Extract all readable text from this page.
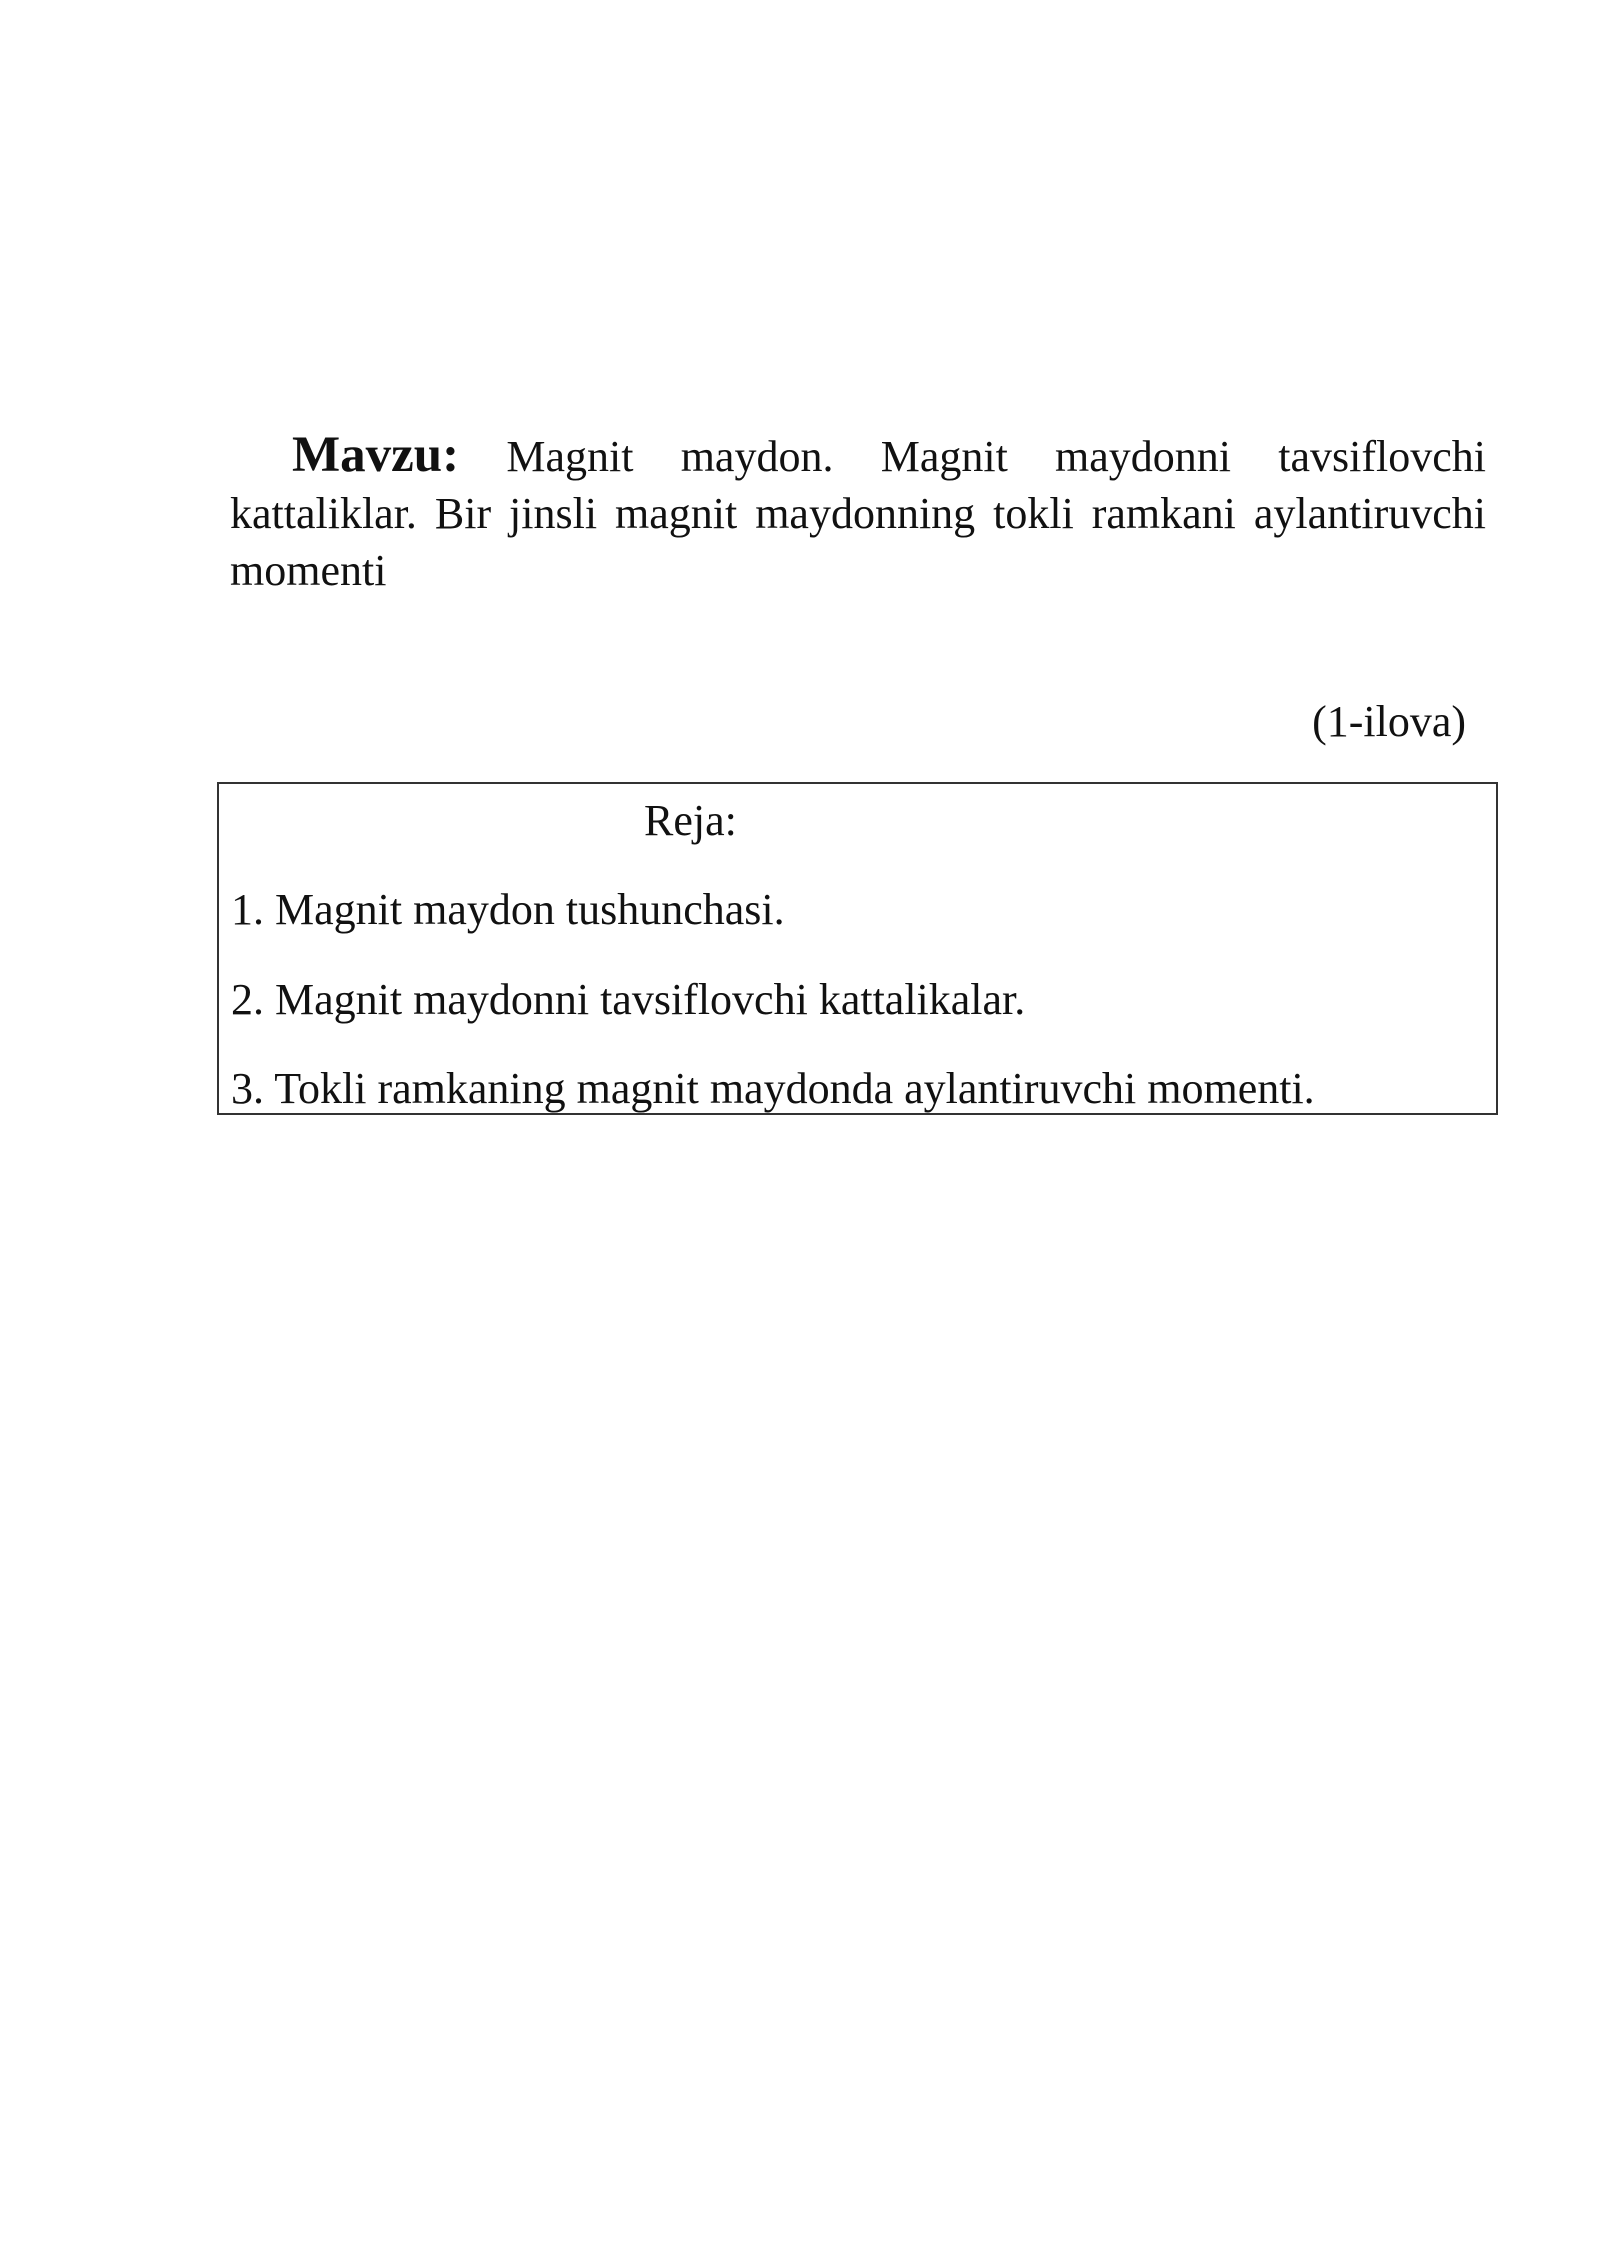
Mavzu: Magnit maydon. Magnit maydonni tavsiflovchi kattaliklar. Bir jinsli magnit maydonning tokli ramkani aylantiruvchi momenti

(1-ilova)
Reja:
1. Magnit maydon tushunchasi.
2. Magnit maydonni tavsiflovchi kattalikalar.
3. Tokli ramkaning magnit maydonda aylantiruvchi momenti.
